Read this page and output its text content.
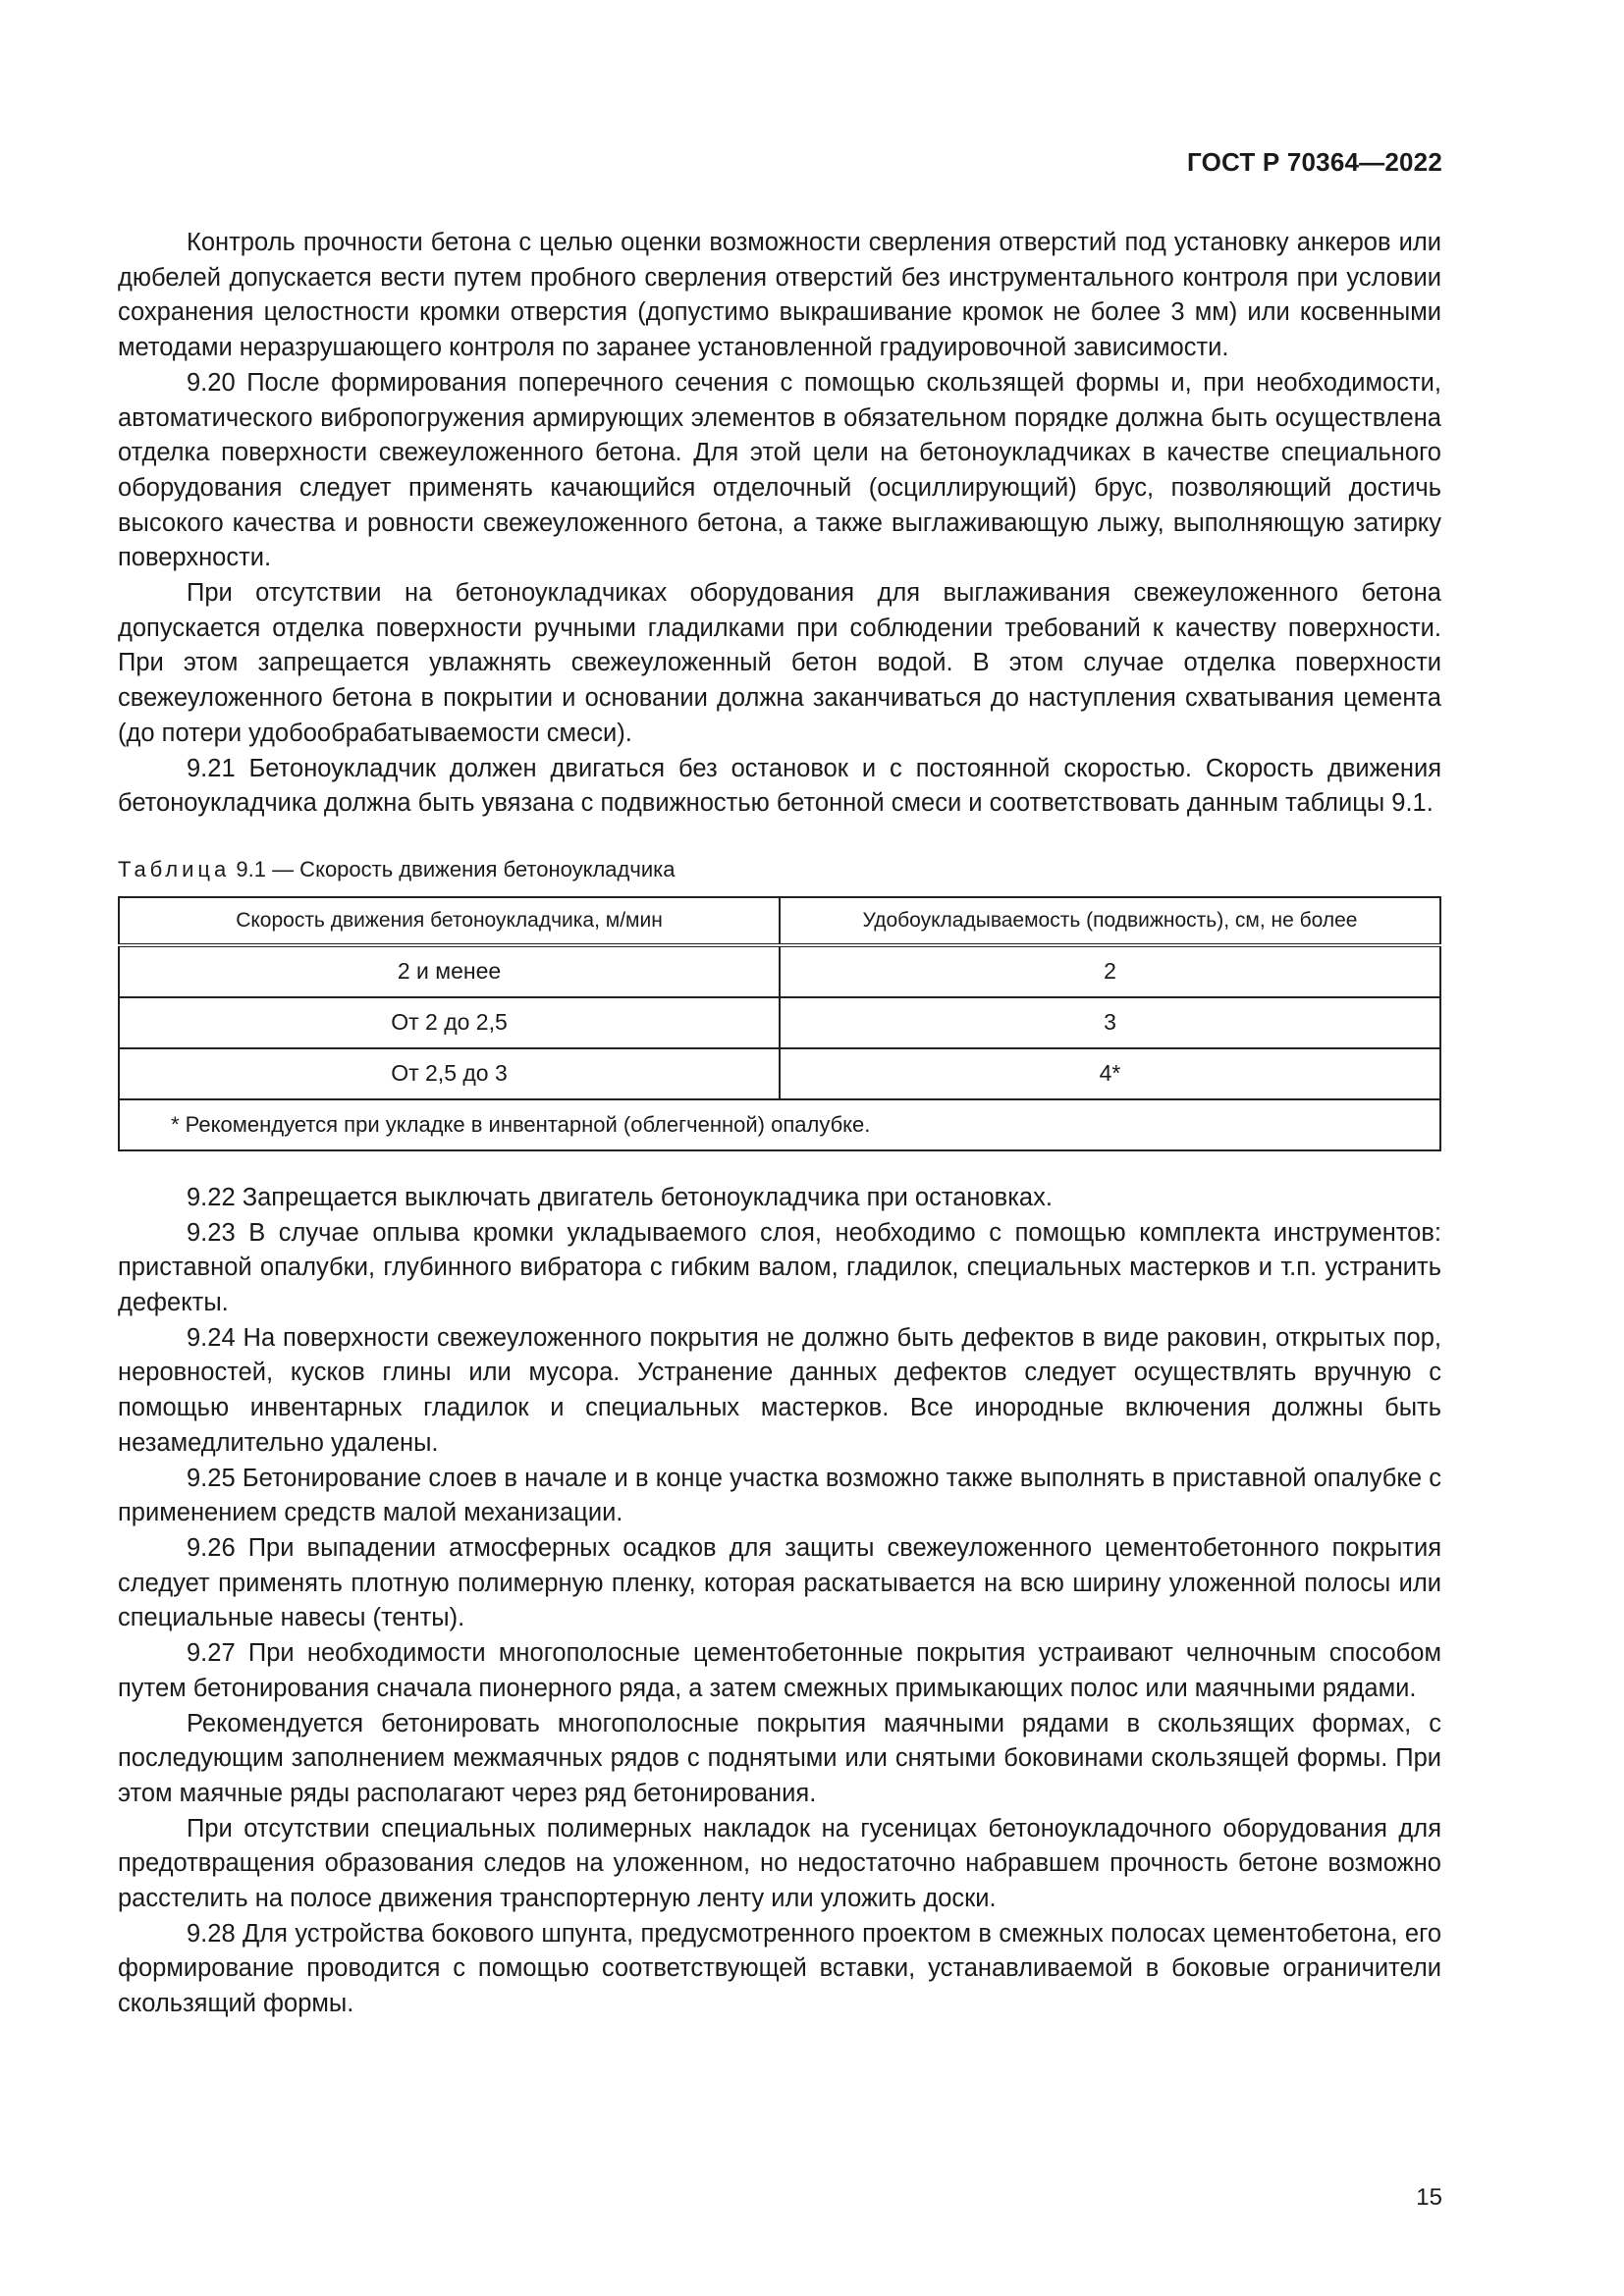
ГОСТ Р 70364—2022

Контроль прочности бетона с целью оценки возможности сверления отверстий под установку анкеров или дюбелей допускается вести путем пробного сверления отверстий без инструментального контроля при условии сохранения целостности кромки отверстия (допустимо выкрашивание кромок не более 3 мм) или косвенными методами неразрушающего контроля по заранее установленной градуировочной зависимости.

9.20 После формирования поперечного сечения с помощью скользящей формы и, при необходимости, автоматического вибропогружения армирующих элементов в обязательном порядке должна быть осуществлена отделка поверхности свежеуложенного бетона. Для этой цели на бетоноукладчиках в качестве специального оборудования следует применять качающийся отделочный (осциллирующий) брус, позволяющий достичь высокого качества и ровности свежеуложенного бетона, а также выглаживающую лыжу, выполняющую затирку поверхности.

При отсутствии на бетоноукладчиках оборудования для выглаживания свежеуложенного бетона допускается отделка поверхности ручными гладилками при соблюдении требований к качеству поверхности. При этом запрещается увлажнять свежеуложенный бетон водой. В этом случае отделка поверхности свежеуложенного бетона в покрытии и основании должна заканчиваться до наступления схватывания цемента (до потери удобообрабатываемости смеси).

9.21 Бетоноукладчик должен двигаться без остановок и с постоянной скоростью. Скорость движения бетоноукладчика должна быть увязана с подвижностью бетонной смеси и соответствовать данным таблицы 9.1.

Таблица 9.1 — Скорость движения бетоноукладчика
Скорость движения бетоноукладчика, м/мин	Удобоукладываемость (подвижность), см, не более
2 и менее	2
От 2 до 2,5	3
От 2,5 до 3	4*
* Рекомендуется при укладке в инвентарной (облегченной) опалубке.	

9.22 Запрещается выключать двигатель бетоноукладчика при остановках.

9.23 В случае оплыва кромки укладываемого слоя, необходимо с помощью комплекта инструментов: приставной опалубки, глубинного вибратора с гибким валом, гладилок, специальных мастерков и т.п. устранить дефекты.

9.24 На поверхности свежеуложенного покрытия не должно быть дефектов в виде раковин, открытых пор, неровностей, кусков глины или мусора. Устранение данных дефектов следует осуществлять вручную с помощью инвентарных гладилок и специальных мастерков. Все инородные включения должны быть незамедлительно удалены.

9.25 Бетонирование слоев в начале и в конце участка возможно также выполнять в приставной опалубке с применением средств малой механизации.

9.26 При выпадении атмосферных осадков для защиты свежеуложенного цементобетонного покрытия следует применять плотную полимерную пленку, которая раскатывается на всю ширину уложенной полосы или специальные навесы (тенты).

9.27 При необходимости многополосные цементобетонные покрытия устраивают челночным способом путем бетонирования сначала пионерного ряда, а затем смежных примыкающих полос или маячными рядами.

Рекомендуется бетонировать многополосные покрытия маячными рядами в скользящих формах, с последующим заполнением межмаячных рядов с поднятыми или снятыми боковинами скользящей формы. При этом маячные ряды располагают через ряд бетонирования.

При отсутствии специальных полимерных накладок на гусеницах бетоноукладочного оборудования для предотвращения образования следов на уложенном, но недостаточно набравшем прочность бетоне возможно расстелить на полосе движения транспортерную ленту или уложить доски.

9.28 Для устройства бокового шпунта, предусмотренного проектом в смежных полосах цементобетона, его формирование проводится с помощью соответствующей вставки, устанавливаемой в боковые ограничители скользящий формы.

15
